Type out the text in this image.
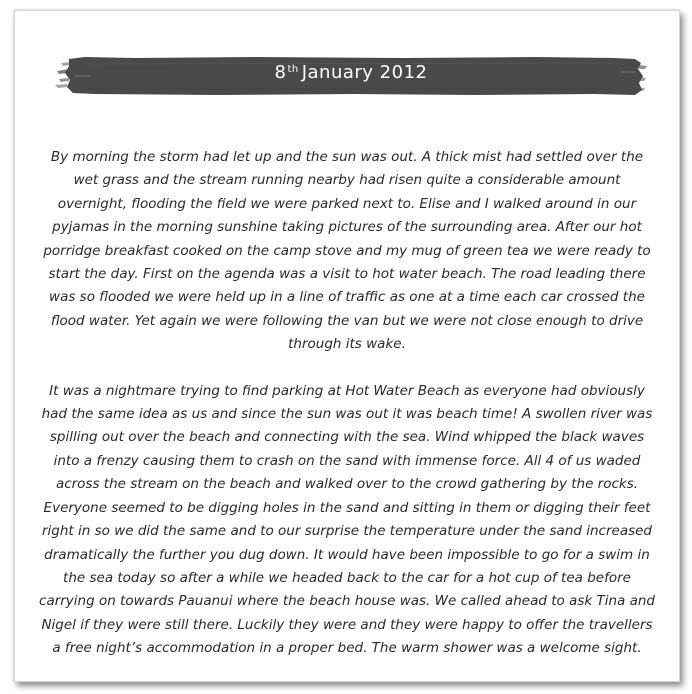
8th January 2012

By morning the storm had let up and the sun was out. A thick mist had settled over the wet grass and the stream running nearby had risen quite a considerable amount overnight, flooding the field we were parked next to. Elise and I walked around in our pyjamas in the morning sunshine taking pictures of the surrounding area. After our hot porridge breakfast cooked on the camp stove and my mug of green tea we were ready to start the day. First on the agenda was a visit to hot water beach. The road leading there was so flooded we were held up in a line of traffic as one at a time each car crossed the flood water. Yet again we were following the van but we were not close enough to drive through its wake.

It was a nightmare trying to find parking at Hot Water Beach as everyone had obviously had the same idea as us and since the sun was out it was beach time! A swollen river was spilling out over the beach and connecting with the sea. Wind whipped the black waves into a frenzy causing them to crash on the sand with immense force. All 4 of us waded across the stream on the beach and walked over to the crowd gathering by the rocks. Everyone seemed to be digging holes in the sand and sitting in them or digging their feet right in so we did the same and to our surprise the temperature under the sand increased dramatically the further you dug down. It would have been impossible to go for a swim in the sea today so after a while we headed back to the car for a hot cup of tea before carrying on towards Pauanui where the beach house was. We called ahead to ask Tina and Nigel if they were still there. Luckily they were and they were happy to offer the travellers a free night’s accommodation in a proper bed. The warm shower was a welcome sight.
